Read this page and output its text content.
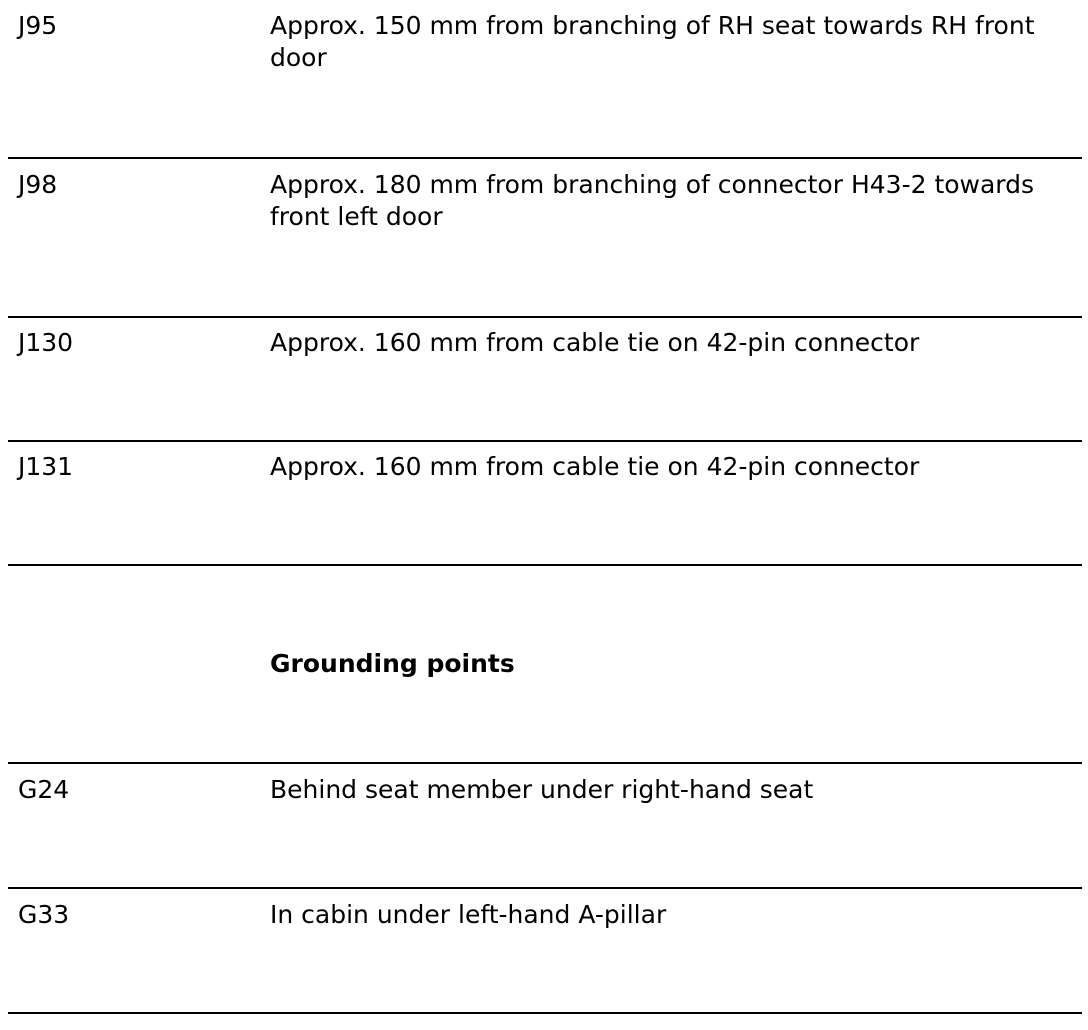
J95	Approx. 150 mm from branching of RH seat towards RH front door
J98	Approx. 180 mm from branching of connector H43-2 towards front left door
J130	Approx. 160 mm from cable tie on 42-pin connector
J131	Approx. 160 mm from cable tie on 42-pin connector
Grounding points
G24	Behind seat member under right-hand seat
G33	In cabin under left-hand A-pillar
